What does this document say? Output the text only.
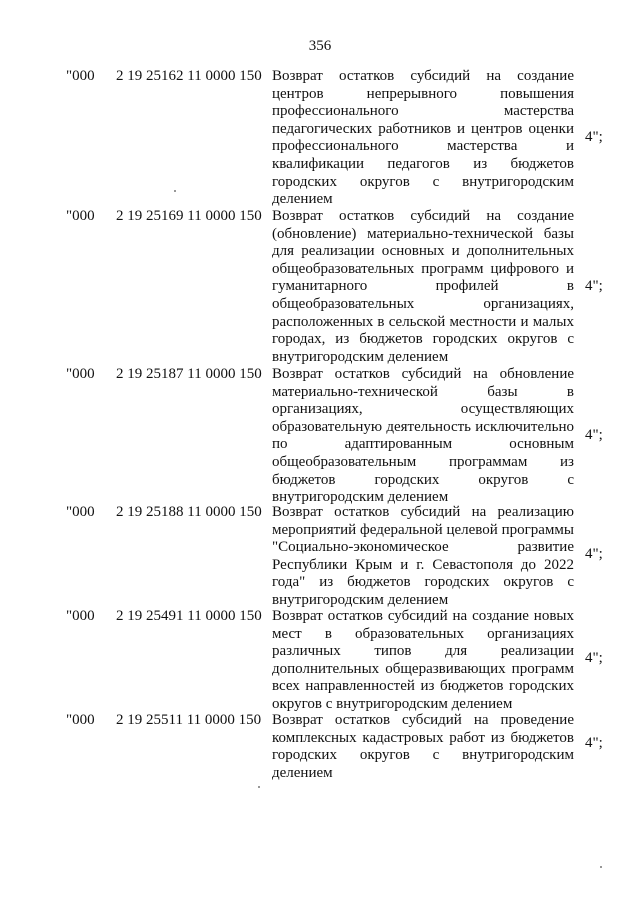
356
"000	2 19 25162 11 0000 150 Возврат остатков субсидий на создание центров непрерывного повышения профессионального мастерства педагогических работников и центров оценки профессионального мастерства и квалификации педагогов из бюджетов городских округов с внутригородским делением
4";
"000	2 19 25169 11 0000 150 Возврат остатков субсидий на создание (обновление) материально-технической базы для реализации основных и дополнительных общеобразовательных программ цифрового и гуманитарного профилей в общеобразовательных организациях, расположенных в сельской местности и малых городах, из бюджетов городских округов с внутригородским делением
4";
"000	2 19 25187 11 0000 150 Возврат остатков субсидий на обновление материально-технической базы в организациях, осуществляющих образовательную деятельность исключительно по адаптированным основным общеобразовательным программам из бюджетов городских округов с внутригородским делением
4";
"000	2 19 25188 11 0000 150 Возврат остатков субсидий на реализацию мероприятий федеральной целевой программы "Социально-экономическое развитие Республики Крым и г. Севастополя до 2022 года" из бюджетов городских округов с внутригородским делением
4";
"000	2 19 25491 11 0000 150 Возврат остатков субсидий на создание новых мест в образовательных организациях различных типов для реализации дополнительных общеразвивающих программ всех направленностей из бюджетов городских округов с внутригородским делением
4";
"000	2 19 25511 11 0000 150 Возврат остатков субсидий на проведение комплексных кадастровых работ из бюджетов городских округов с внутригородским делением
4";
